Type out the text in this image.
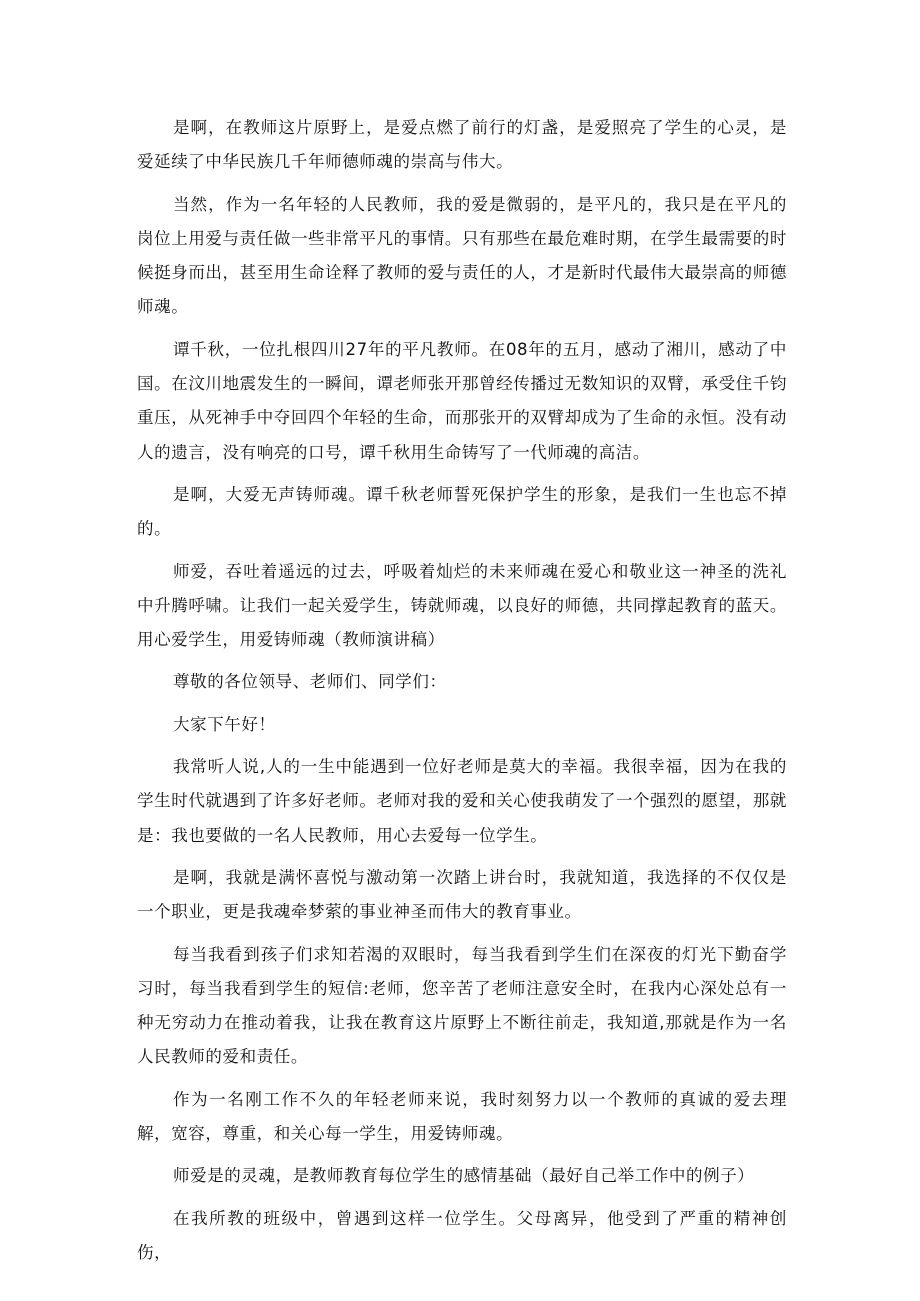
是啊，在教师这片原野上，是爱点燃了前行的灯盏，是爱照亮了学生的心灵，是爱延续了中华民族几千年师德师魂的崇高与伟大。

当然，作为一名年轻的人民教师，我的爱是微弱的，是平凡的，我只是在平凡的岗位上用爱与责任做一些非常平凡的事情。只有那些在最危难时期，在学生最需要的时候挺身而出，甚至用生命诠释了教师的爱与责任的人，才是新时代最伟大最崇高的师德师魂。

谭千秋，一位扎根四川27年的平凡教师。在08年的五月，感动了湘川，感动了中国。在汶川地震发生的一瞬间，谭老师张开那曾经传播过无数知识的双臂，承受住千钧重压，从死神手中夺回四个年轻的生命，而那张开的双臂却成为了生命的永恒。没有动人的遗言，没有响亮的口号，谭千秋用生命铸写了一代师魂的高洁。

是啊，大爱无声铸师魂。谭千秋老师誓死保护学生的形象，是我们一生也忘不掉的。

师爱，吞吐着遥远的过去，呼吸着灿烂的未来师魂在爱心和敬业这一神圣的洗礼中升腾呼啸。让我们一起关爱学生，铸就师魂，以良好的师德，共同撑起教育的蓝天。用心爱学生，用爱铸师魂（教师演讲稿）

尊敬的各位领导、老师们、同学们：

大家下午好！

我常听人说,人的一生中能遇到一位好老师是莫大的幸福。我很幸福，因为在我的学生时代就遇到了许多好老师。老师对我的爱和关心使我萌发了一个强烈的愿望，那就是：我也要做的一名人民教师，用心去爱每一位学生。

是啊，我就是满怀喜悦与激动第一次踏上讲台时，我就知道，我选择的不仅仅是一个职业，更是我魂牵梦萦的事业神圣而伟大的教育事业。

每当我看到孩子们求知若渴的双眼时，每当我看到学生们在深夜的灯光下勤奋学习时，每当我看到学生的短信:老师，您辛苦了老师注意安全时，在我内心深处总有一种无穷动力在推动着我，让我在教育这片原野上不断往前走，我知道,那就是作为一名人民教师的爱和责任。

作为一名刚工作不久的年轻老师来说，我时刻努力以一个教师的真诚的爱去理解，宽容，尊重，和关心每一学生，用爱铸师魂。

师爱是的灵魂，是教师教育每位学生的感情基础（最好自己举工作中的例子）

在我所教的班级中，曾遇到这样一位学生。父母离异，他受到了严重的精神创伤，
